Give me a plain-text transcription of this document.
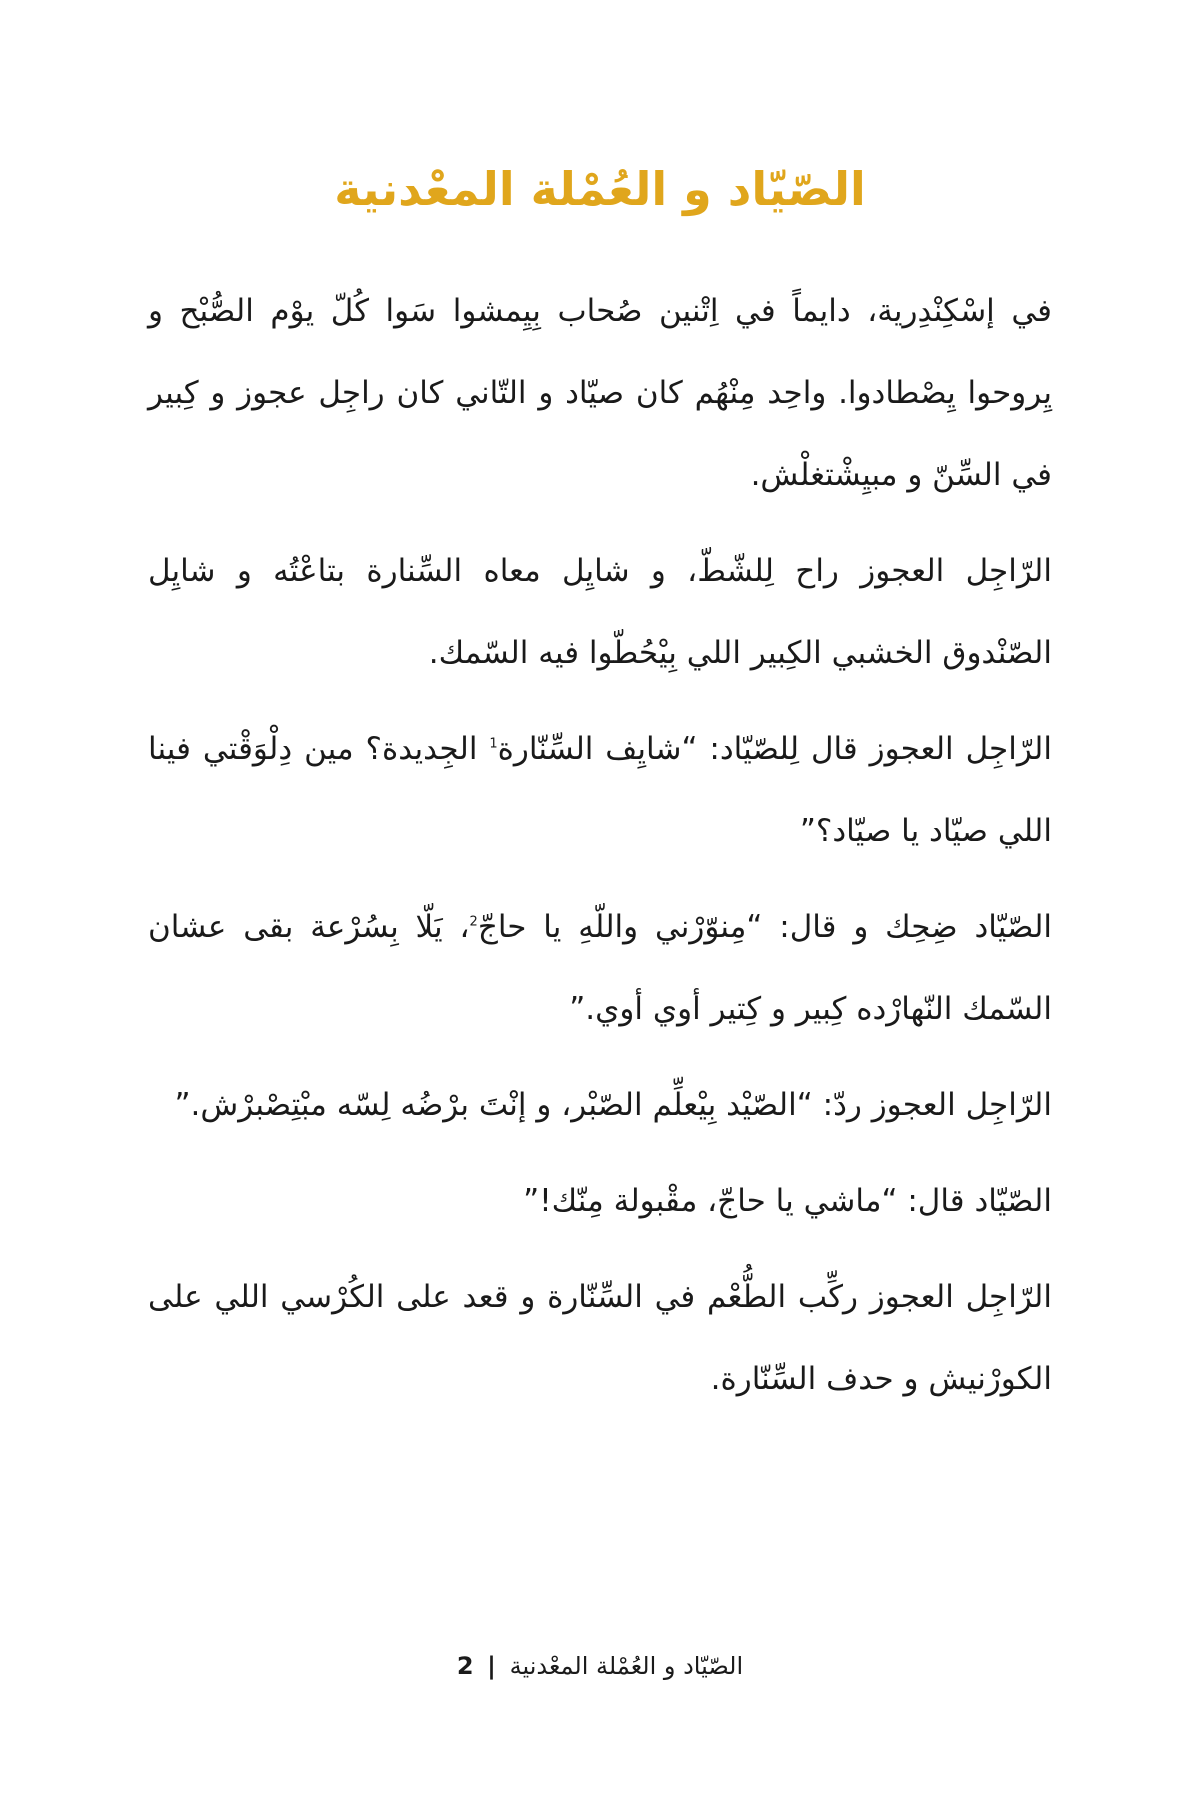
الصّيّاد و العُمْلة المعْدنية

في إسْكِنْدِرية، دايماً في اِتْنين صُحاب بِيِمشوا سَوا كُلّ يوْم الصُّبْح و يِروحوا يِصْطادوا. واحِد مِنْهُم كان صيّاد و التّاني كان راجِل عجوز و كِبير في السِّنّ و مبيِشْتغلْش.

الرّاجِل العجوز راح لِلشّطّ، و شايِل معاه السِّنارة بتاعْتُه و شايِل الصّنْدوق الخشبي الكِبير اللي بِيْحُطّوا فيه السّمك.

الرّاجِل العجوز قال لِلصّيّاد: “شايِف السِّنّارة$^1$ الجِديدة؟ مين دِلْوَقْتي فينا اللي صيّاد يا صيّاد؟”

الصّيّاد ضِحِك و قال: “مِنوّرْني واللّهِ يا حاجّ$^2$، يَلّا بِسُرْعة بقى عشان السّمك النّهارْده كِبير و كِتير أوي أوي.”

الرّاجِل العجوز ردّ: “الصّيْد بِيْعلِّم الصّبْر، و إنْتَ برْضُه لِسّه مبْتِصْبرْش.”

الصّيّاد قال: “ماشي يا حاجّ، مقْبولة مِنّك!”

الرّاجِل العجوز ركِّب الطُّعْم في السِّنّارة و قعد على الكُرْسي اللي على الكورْنيش و حدف السِّنّارة.

الصّيّاد و العُمْلة المعْدنية | 2
